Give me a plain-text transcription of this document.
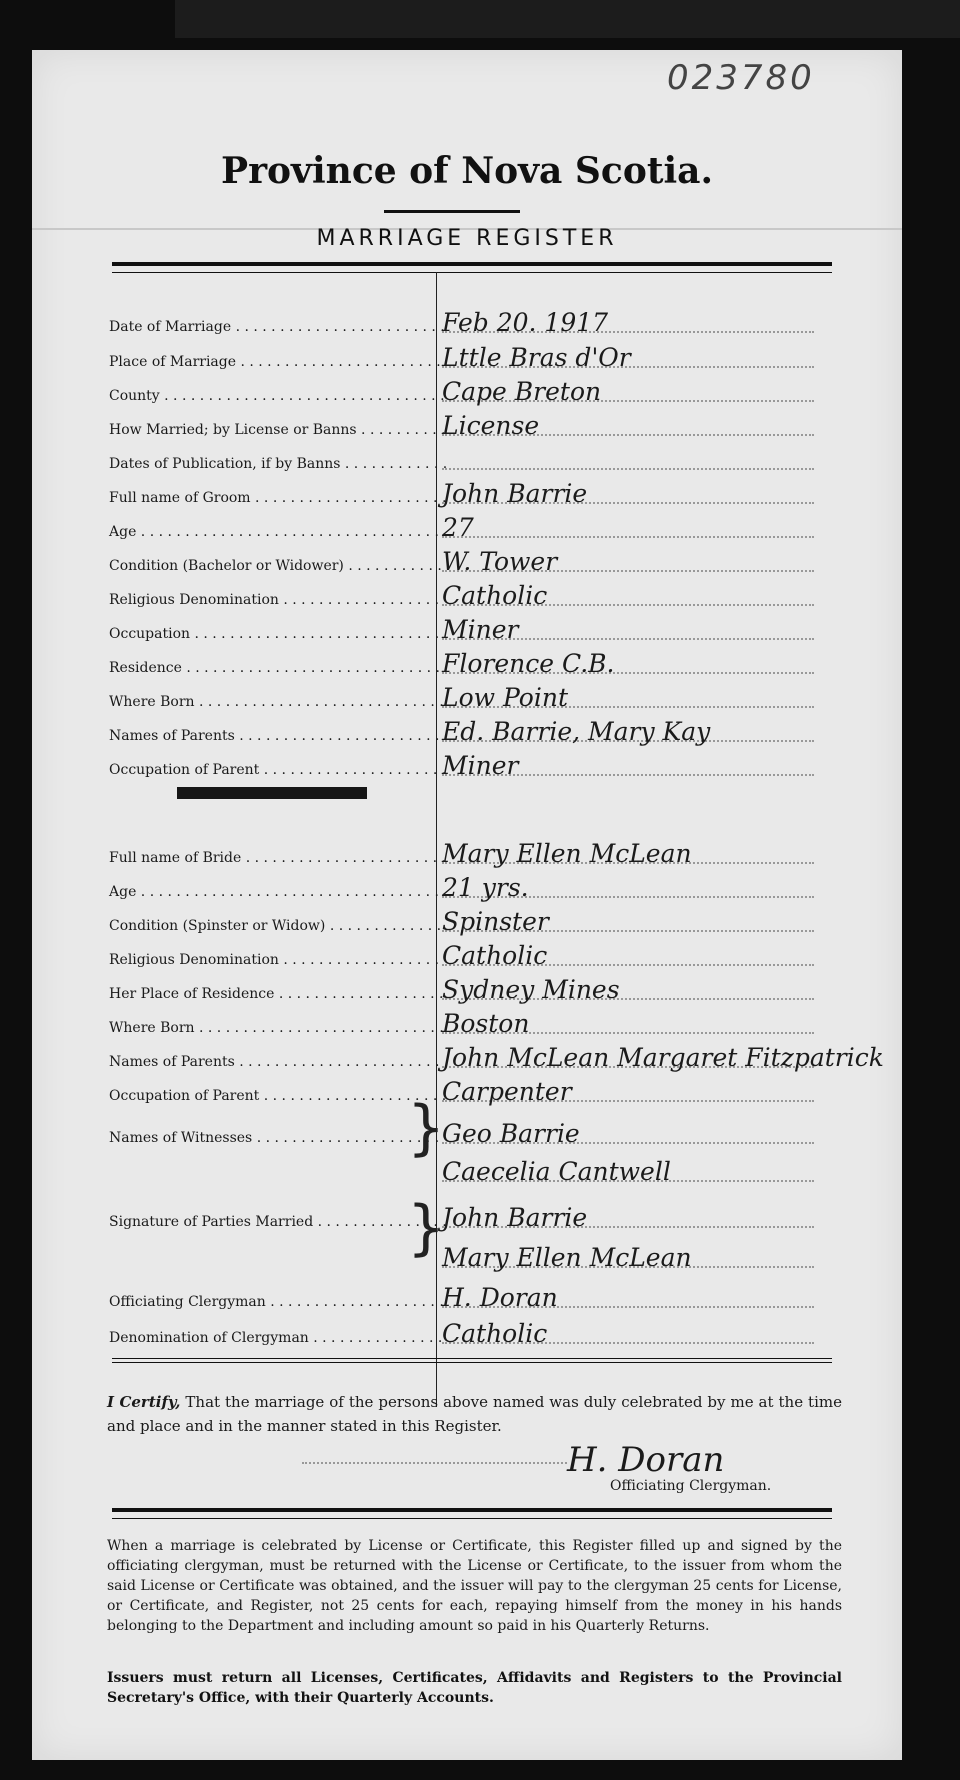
023780
Province of Nova Scotia.
MARRIAGE REGISTER
Date of Marriage . . . . . . . . . . . . . . . . . . . . . . . .
Feb 20. 1917
Place of Marriage . . . . . . . . . . . . . . . . . . . . . . . Lttle Bras d'Or
County . . . . . . . . . . . . . . . . . . . . . . . . . . . . . . . .
Cape Breton
How Married; by License or Banns . . . . . . . . . .
License
Dates of Publication, if by Banns . . . . . . . . . . . .
Full name of Groom . . . . . . . . . . . . . . . . . . . . . .
John Barrie
Age . . . . . . . . . . . . . . . . . . . . . . . . . . . . . . . . . . 27
Condition (Bachelor or Widower) . . . . . . . . . . . W. Tower
Religious Denomination . . . . . . . . . . . . . . . . . . Catholic
Occupation . . . . . . . . . . . . . . . . . . . . . . . . . . . . Miner
Residence . . . . . . . . . . . . . . . . . . . . . . . . . . . . . Florence C.B.
Where Born . . . . . . . . . . . . . . . . . . . . . . . . . . . .
Low Point
Names of Parents . . . . . . . . . . . . . . . . . . . . . . . Ed. Barrie, Mary Kay
Occupation of Parent . . . . . . . . . . . . . . . . . . . . .
Miner
Full name of Bride . . . . . . . . . . . . . . . . . . . . . . .
Mary Ellen McLean
Age . . . . . . . . . . . . . . . . . . . . . . . . . . . . . . . . . . 21 yrs.
Condition (Spinster or Widow) . . . . . . . . . . . . . Spinster
Religious Denomination . . . . . . . . . . . . . . . . . . Catholic
Her Place of Residence . . . . . . . . . . . . . . . . . . .
Sydney Mines
Where Born . . . . . . . . . . . . . . . . . . . . . . . . . . . .
Boston
Names of Parents . . . . . . . . . . . . . . . . . . . . . . . John McLean Margaret Fitzpatrick
Occupation of Parent . . . . . . . . . . . . . . . . . . . . .
Carpenter
Names of Witnesses . . . . . . . . . . . . . . . . . . . . . Geo Barrie
Caecelia Cantwell
Signature of Parties Married . . . . . . . . . . . . . . .
John Barrie
Mary Ellen McLean
Officiating Clergyman . . . . . . . . . . . . . . . . . . . .
H. Doran
Denomination of Clergyman . . . . . . . . . . . . . . . Catholic
}
}
I Certify, That the marriage of the persons above named was duly celebrated by me at the time and place and in the manner stated in this Register.
H. Doran
Officiating Clergyman.
When a marriage is celebrated by License or Certificate, this Register filled up and signed by the officiating clergyman, must be returned with the License or Certificate, to the issuer from whom the said License or Certificate was obtained, and the issuer will pay to the clergyman 25 cents for License, or Certificate, and Register, not 25 cents for each, repaying himself from the money in his hands belonging to the Department and including amount so paid in his Quarterly Returns.
Issuers must return all Licenses, Certificates, Affidavits and Registers to the Provincial Secretary's Office, with their Quarterly Accounts.
